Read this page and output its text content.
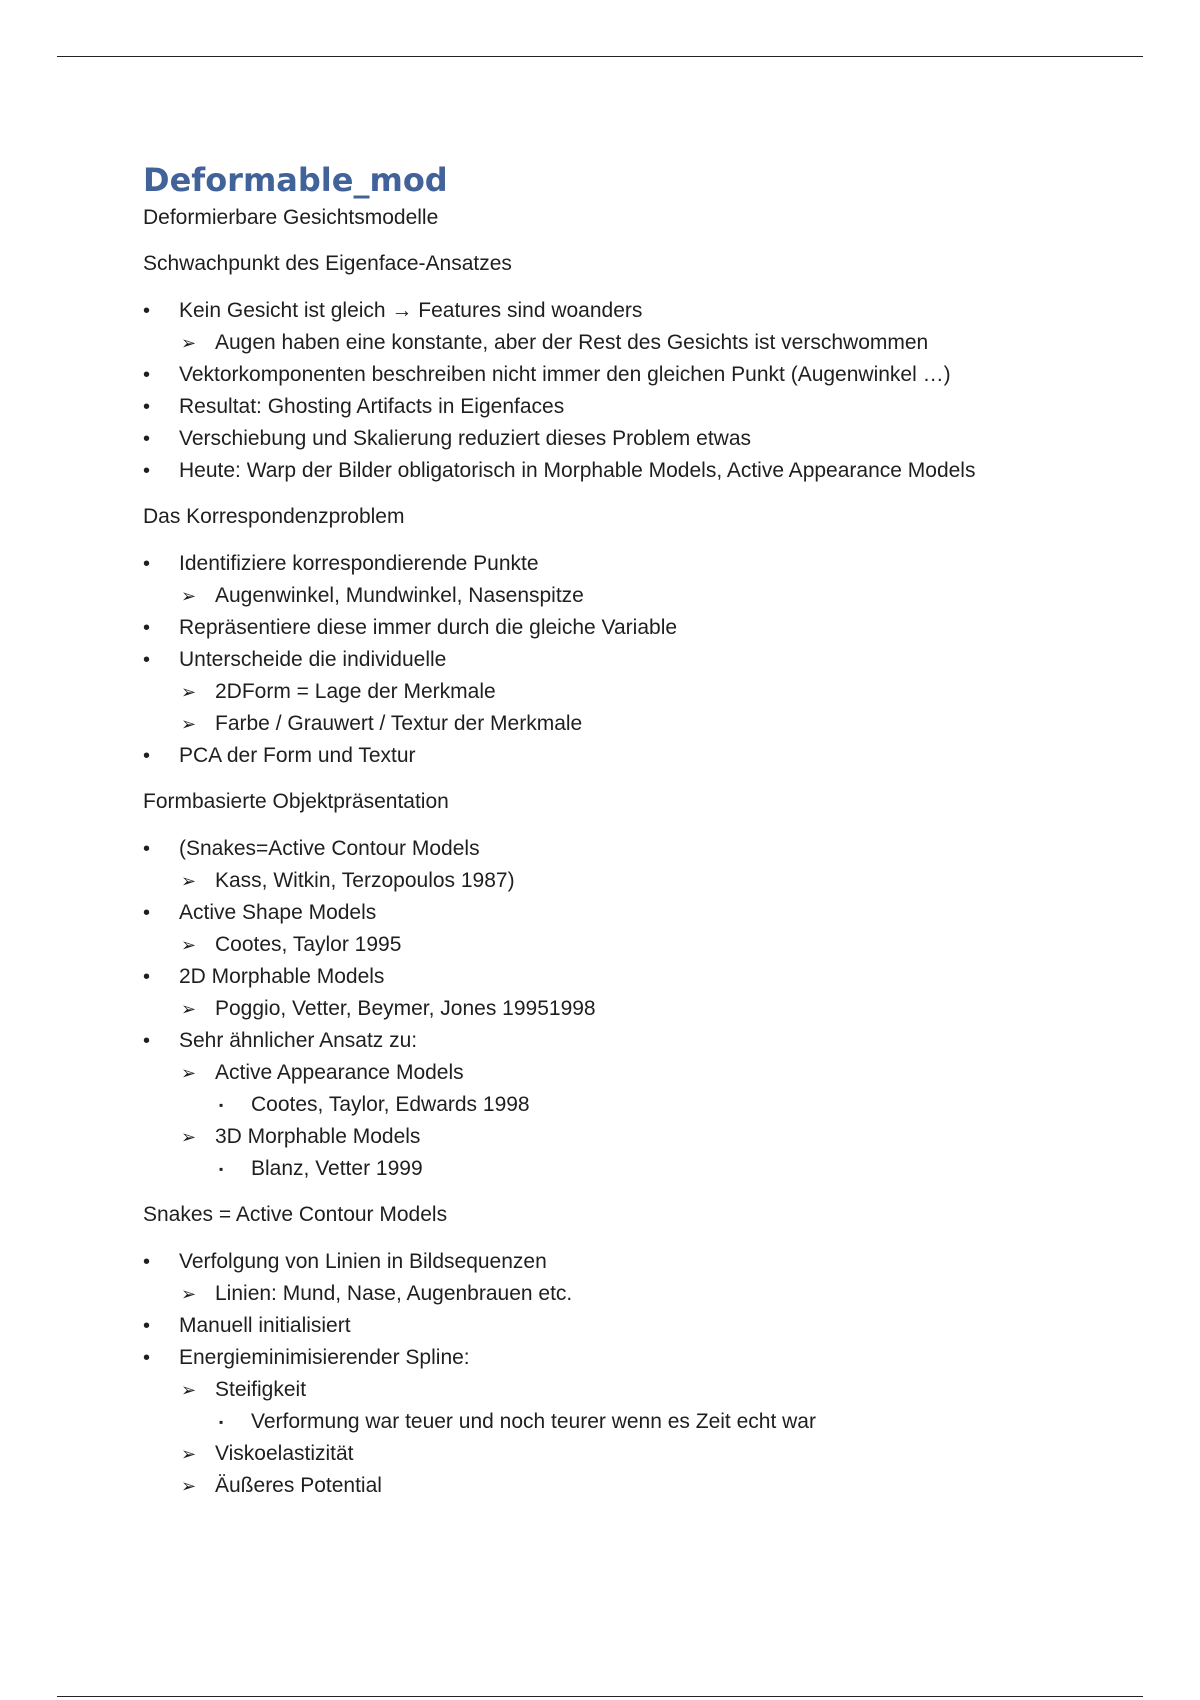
Deformable_mod
Deformierbare Gesichtsmodelle
Schwachpunkt des Eigenface-Ansatzes
• Kein Gesicht ist gleich → Features sind woanders
➢ Augen haben eine konstante, aber der Rest des Gesichts ist verschwommen
• Vektorkomponenten beschreiben nicht immer den gleichen Punkt (Augenwinkel …)
• Resultat: Ghosting Artifacts in Eigenfaces
• Verschiebung und Skalierung reduziert dieses Problem etwas
• Heute: Warp der Bilder obligatorisch in Morphable Models, Active Appearance Models
Das Korrespondenzproblem
• Identifiziere korrespondierende Punkte
➢ Augenwinkel, Mundwinkel, Nasenspitze
• Repräsentiere diese immer durch die gleiche Variable
• Unterscheide die individuelle
➢ 2DForm = Lage der Merkmale
➢ Farbe / Grauwert / Textur der Merkmale
• PCA der Form und Textur
Formbasierte Objektpräsentation
• (Snakes=Active Contour Models
➢ Kass, Witkin, Terzopoulos 1987)
• Active Shape Models
➢ Cootes, Taylor 1995
• 2D Morphable Models
➢ Poggio, Vetter, Beymer, Jones 19951998
• Sehr ähnlicher Ansatz zu:
➢ Active Appearance Models
▪ Cootes, Taylor, Edwards 1998
➢ 3D Morphable Models
▪ Blanz, Vetter 1999
Snakes = Active Contour Models
• Verfolgung von Linien in Bildsequenzen
➢ Linien: Mund, Nase, Augenbrauen etc.
• Manuell initialisiert
• Energieminimisierender Spline:
➢ Steifigkeit
▪ Verformung war teuer und noch teurer wenn es Zeit echt war
➢ Viskoelastizität
➢ Äußeres Potential
